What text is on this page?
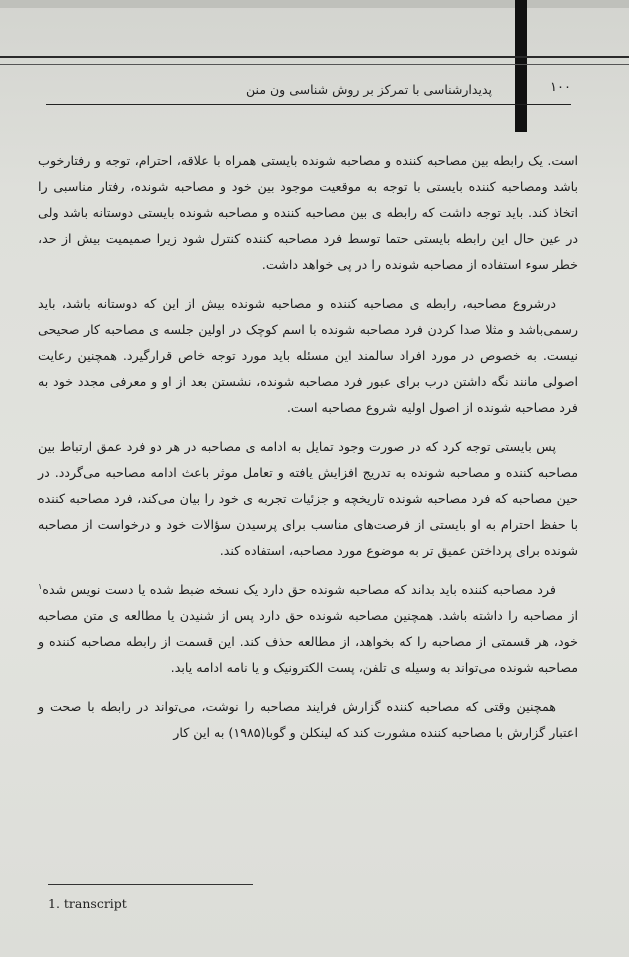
پدیدارشناسی با تمرکز بر روش شناسی ون منن	۱۰۰

است. یک رابطه بین مصاحبه کننده و مصاحبه شونده بایستی همراه با علاقه، احترام، توجه و رفتارخوب باشد ومصاحبه کننده بایستی با توجه به موقعیت موجود بین خود و مصاحبه شونده، رفتار مناسبی را اتخاذ کند. باید توجه داشت که رابطه ی بین مصاحبه کننده و مصاحبه شونده بایستی دوستانه باشد ولی در عین حال این رابطه بایستی حتما توسط فرد مصاحبه کننده کنترل شود زیرا صمیمیت بیش از حد، خطر سوء استفاده از مصاحبه شونده را در پی خواهد داشت.

درشروع مصاحبه، رابطه ی مصاحبه کننده و مصاحبه شونده بیش از این که دوستانه باشد، باید رسمی‌باشد و مثلا صدا کردن فرد مصاحبه شونده با اسم کوچک در اولین جلسه ی مصاحبه کار صحیحی نیست. به خصوص در مورد افراد سالمند این مسئله باید مورد توجه خاص قرارگیرد. همچنین رعایت اصولی مانند نگه داشتن درب برای عبور فرد مصاحبه شونده، نشستن بعد از او و معرفی مجدد خود به فرد مصاحبه شونده از اصول اولیه شروع مصاحبه است.

پس بایستی توجه کرد که در صورت وجود تمایل به ادامه ی مصاحبه در هر دو فرد عمق ارتباط بین مصاحبه کننده و مصاحبه شونده به تدریج افزایش یافته و تعامل موثر باعث ادامه مصاحبه می‌گردد. در حین مصاحبه که فرد مصاحبه شونده تاریخچه و جزئیات تجربه ی خود را بیان می‌کند، فرد مصاحبه کننده با حفظ احترام به او بایستی از فرصت‌های مناسب برای پرسیدن سؤالات خود و درخواست از مصاحبه شونده برای پرداختن عمیق تر به موضوع مورد مصاحبه، استفاده کند.

فرد مصاحبه کننده باید بداند که مصاحبه شونده حق دارد یک نسخه ضبط شده یا دست نویس شده$^۱$ از مصاحبه را داشته باشد. همچنین مصاحبه شونده حق دارد پس از شنیدن یا مطالعه ی متن مصاحبه خود، هر قسمتی از مصاحبه را که بخواهد، از مطالعه حذف کند. این قسمت از رابطه مصاحبه کننده و مصاحبه شونده می‌تواند به وسیله ی تلفن، پست الکترونیک و یا نامه ادامه یابد.

همچنین وقتی که مصاحبه کننده گزارش فرایند مصاحبه را نوشت، می‌تواند در رابطه با صحت و اعتبار گزارش با مصاحبه کننده مشورت کند که لینکلن و گوبا(۱۹۸۵) به این کار

1. transcript
